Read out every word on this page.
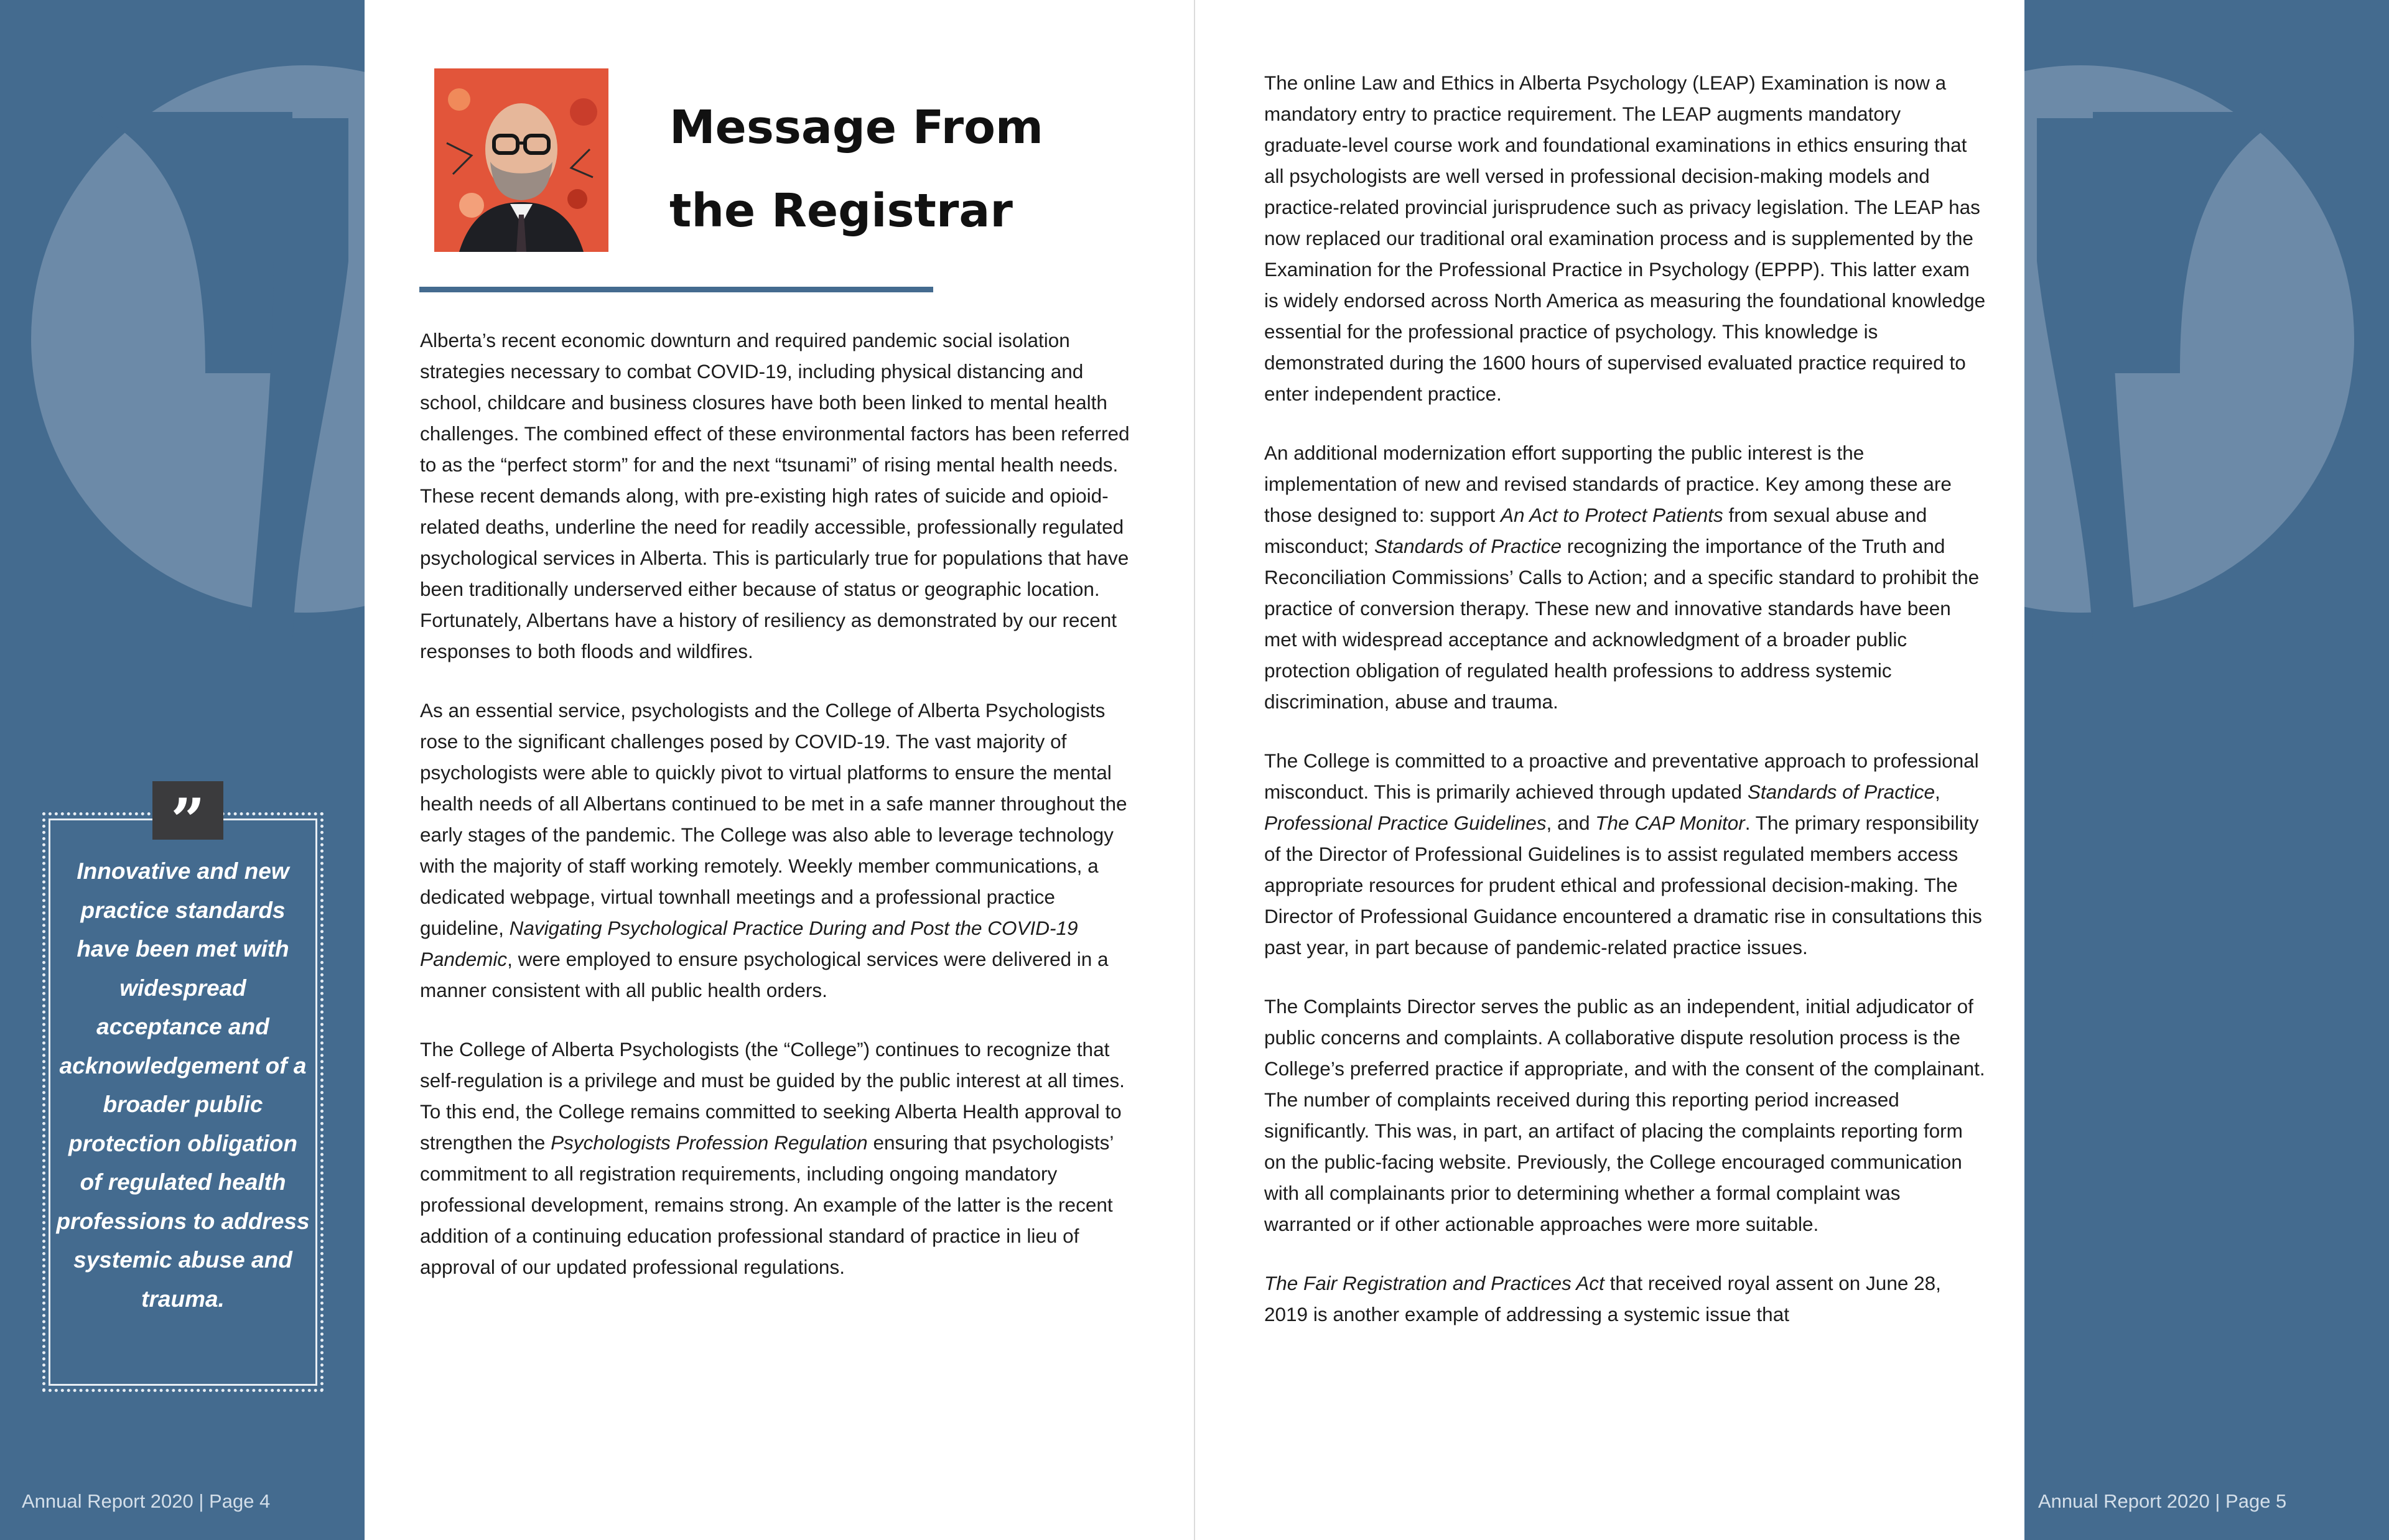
Message From
the Registrar

Alberta’s recent economic downturn and required pandemic social isolation strategies necessary to combat COVID-19, including physical distancing and school, childcare and business closures have both been linked to mental health challenges. The combined effect of these environmental factors has been referred to as the “perfect storm” for and the next “tsunami” of rising mental health needs. These recent demands along, with pre-existing high rates of suicide and opioid-related deaths, underline the need for readily accessible, professionally regulated psychological services in Alberta. This is particularly true for populations that have been traditionally underserved either because of status or geographic location. Fortunately, Albertans have a history of resiliency as demonstrated by our recent responses to both floods and wildfires.

As an essential service, psychologists and the College of Alberta Psychologists rose to the significant challenges posed by COVID-19. The vast majority of psychologists were able to quickly pivot to virtual platforms to ensure the mental health needs of all Albertans continued to be met in a safe manner throughout the early stages of the pandemic. The College was also able to leverage technology with the majority of staff working remotely. Weekly member communications, a dedicated webpage, virtual townhall meetings and a professional practice guideline, Navigating Psychological Practice During and Post the COVID-19 Pandemic, were employed to ensure psychological services were delivered in a manner consistent with all public health orders.

The College of Alberta Psychologists (the “College”) continues to recognize that self-regulation is a privilege and must be guided by the public interest at all times. To this end, the College remains committed to seeking Alberta Health approval to strengthen the Psychologists Profession Regulation ensuring that psychologists’ commitment to all registration requirements, including ongoing mandatory professional development, remains strong. An example of the latter is the recent addition of a continuing education professional standard of practice in lieu of approval of our updated professional regulations.

The online Law and Ethics in Alberta Psychology (LEAP) Examination is now a mandatory entry to practice requirement. The LEAP augments mandatory graduate-level course work and foundational examinations in ethics ensuring that all psychologists are well versed in professional decision-making models and practice-related provincial jurisprudence such as privacy legislation. The LEAP has now replaced our traditional oral examination process and is supplemented by the Examination for the Professional Practice in Psychology (EPPP). This latter exam is widely endorsed across North America as measuring the foundational knowledge essential for the professional practice of psychology. This knowledge is demonstrated during the 1600 hours of supervised evaluated practice required to enter independent practice.

An additional modernization effort supporting the public interest is the implementation of new and revised standards of practice. Key among these are those designed to: support An Act to Protect Patients from sexual abuse and misconduct; Standards of Practice recognizing the importance of the Truth and Reconciliation Commissions’ Calls to Action; and a specific standard to prohibit the practice of conversion therapy. These new and innovative standards have been met with widespread acceptance and acknowledgment of a broader public protection obligation of regulated health professions to address systemic discrimination, abuse and trauma.

The College is committed to a proactive and preventative approach to professional misconduct. This is primarily achieved through updated Standards of Practice, Professional Practice Guidelines, and The CAP Monitor. The primary responsibility of the Director of Professional Guidelines is to assist regulated members access appropriate resources for prudent ethical and professional decision-making. The Director of Professional Guidance encountered a dramatic rise in consultations this past year, in part because of pandemic-related practice issues.

The Complaints Director serves the public as an independent, initial adjudicator of public concerns and complaints. A collaborative dispute resolution process is the College’s preferred practice if appropriate, and with the consent of the complainant. The number of complaints received during this reporting period increased significantly. This was, in part, an artifact of placing the complaints reporting form on the public-facing website. Previously, the College encouraged communication with all complainants prior to determining whether a formal complaint was warranted or if other actionable approaches were more suitable.

The Fair Registration and Practices Act that received royal assent on June 28, 2019 is another example of addressing a systemic issue that

”
Innovative and new practice standards have been met with widespread acceptance and acknowledgement of a broader public protection obligation of regulated health professions to address systemic abuse and trauma.
Annual Report 2020 | Page 4	Annual Report 2020 | Page 5
